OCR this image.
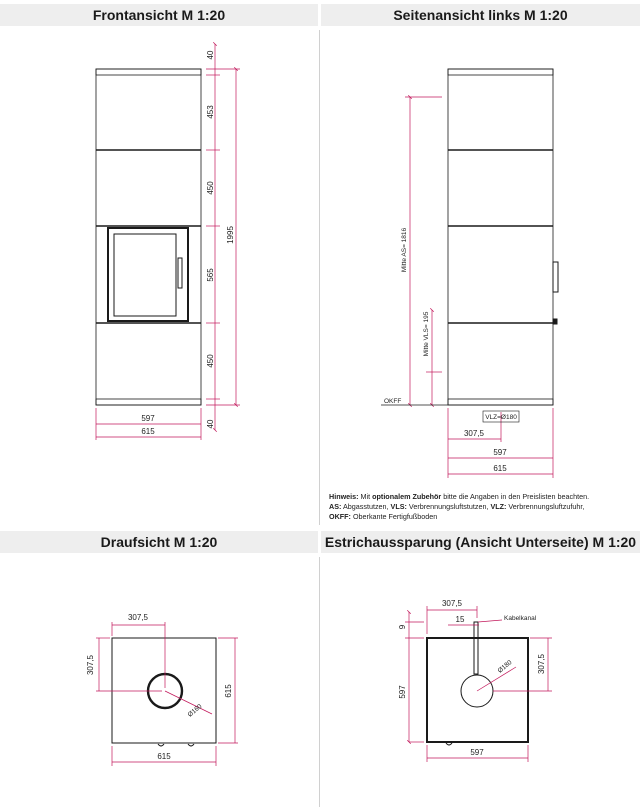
Frontansicht M 1:20	Seitenansicht links M 1:20
Draufsicht M 1:20	Estrichaussparung (Ansicht Unterseite) M 1:20
40
453
450
565
450
40
1995
597
615
VLZ=Ø180
Mitte AS= 1816
Mitte VLS= 195
OKFF
307,5
597
615
307,5
307,5
Ø160
615
615
307,5
15	Kabelkanal
9
Ø180	307,5
597
597
Hinweis: Mit optionalem Zubehör bitte die Angaben in den Preislisten beachten.
AS: Abgasstutzen, VLS: Verbrennungsluftstutzen, VLZ: Verbrennungsluftzufuhr,
OKFF: Oberkante Fertigfußboden
